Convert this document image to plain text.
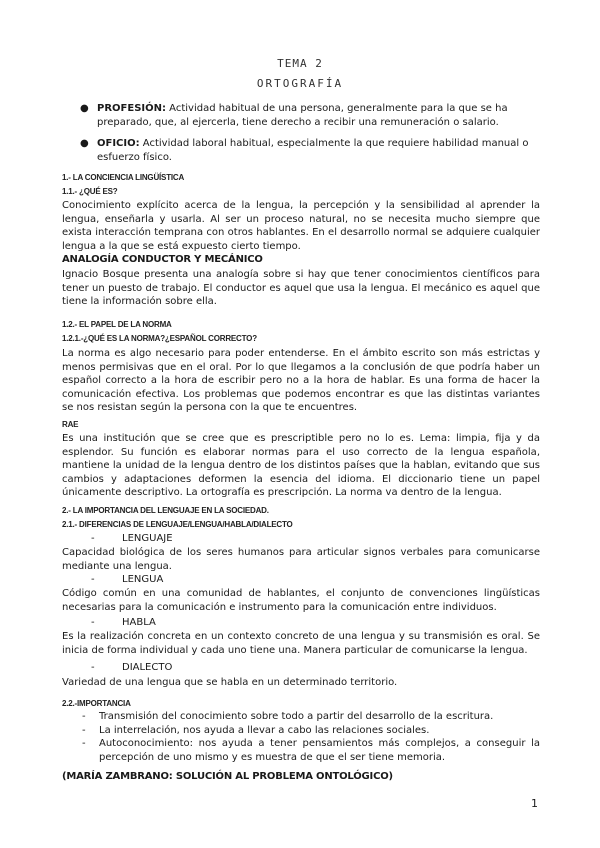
TEMA 2
ORTOGRAFÍA
● PROFESIÓN: Actividad habitual de una persona, generalmente para la que se ha preparado, que, al ejercerla, tiene derecho a recibir una remuneración o salario.
● OFICIO: Actividad laboral habitual, especialmente la que requiere habilidad manual o esfuerzo físico.
1.- LA CONCIENCIA LINGÜÍSTICA
1.1.- ¿QUÉ ES?

Conocimiento explícito acerca de la lengua, la percepción y la sensibilidad al aprender la lengua, enseñarla y usarla. Al ser un proceso natural, no se necesita mucho siempre que exista interacción temprana con otros hablantes. En el desarrollo normal se adquiere cualquier lengua a la que se está expuesto cierto tiempo.

ANALOGÍA CONDUCTOR Y MECÁNICO

Ignacio Bosque presenta una analogía sobre si hay que tener conocimientos científicos para tener un puesto de trabajo. El conductor es aquel que usa la lengua. El mecánico es aquel que tiene la información sobre ella.

1.2.- EL PAPEL DE LA NORMA
1.2.1.-¿QUÉ ES LA NORMA?¿ESPAÑOL CORRECTO?

La norma es algo necesario para poder entenderse. En el ámbito escrito son más estrictas y menos permisivas que en el oral. Por lo que llegamos a la conclusión de que podría haber un español correcto a la hora de escribir pero no a la hora de hablar. Es una forma de hacer la comunicación efectiva. Los problemas que podemos encontrar es que las distintas variantes se nos resistan según la persona con la que te encuentres.

RAE

Es una institución que se cree que es prescriptible pero no lo es. Lema: limpia, fija y da esplendor. Su función es elaborar normas para el uso correcto de la lengua española, mantiene la unidad de la lengua dentro de los distintos países que la hablan, evitando que sus cambios y adaptaciones deformen la esencia del idioma. El diccionario tiene un papel únicamente descriptivo. La ortografía es prescripción. La norma va dentro de la lengua.

2.- LA IMPORTANCIA DEL LENGUAJE EN LA SOCIEDAD.
2.1.- DIFERENCIAS DE LENGUAJE/LENGUA/HABLA/DIALECTO
-	LENGUAJE

Capacidad biológica de los seres humanos para articular signos verbales para comunicarse mediante una lengua.

-	LENGUA

Código común en una comunidad de hablantes, el conjunto de convenciones lingüísticas necesarias para la comunicación e instrumento para la comunicación entre individuos.

-	HABLA

Es la realización concreta en un contexto concreto de una lengua y su transmisión es oral. Se inicia de forma individual y cada uno tiene una. Manera particular de comunicarse la lengua.

-	DIALECTO

Variedad de una lengua que se habla en un determinado territorio.

2.2.-IMPORTANCIA
- Transmisión del conocimiento sobre todo a partir del desarrollo de la escritura.
- La interrelación, nos ayuda a llevar a cabo las relaciones sociales.
- Autoconocimiento: nos ayuda a tener pensamientos más complejos, a conseguir la percepción de uno mismo y es muestra de que el ser tiene memoria.
(MARÍA ZAMBRANO: SOLUCIÓN AL PROBLEMA ONTOLÓGICO)
1
